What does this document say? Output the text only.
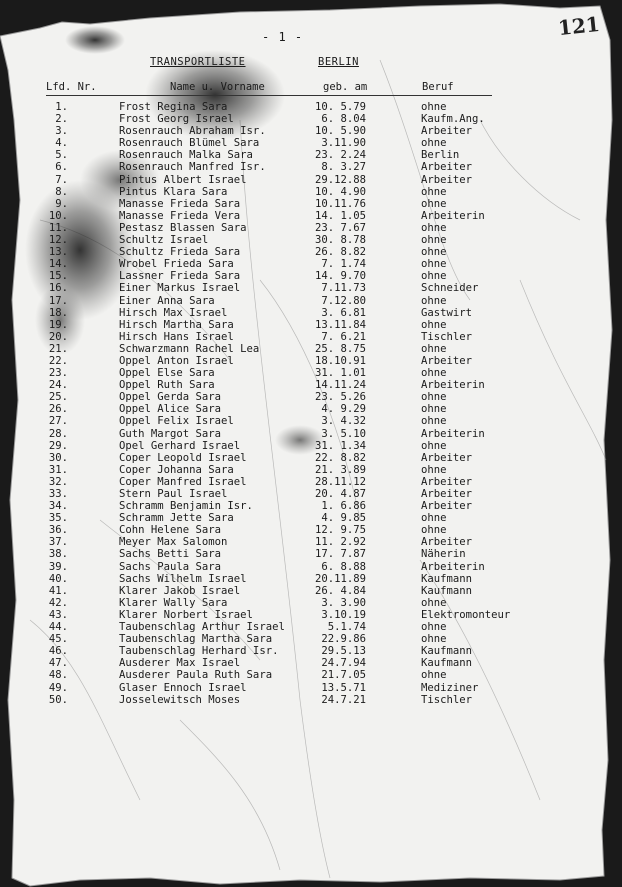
- 1 -	121
TRANSPORTLISTE	BERLIN
Lfd. Nr.	Name u. Vorname	geb. am	Beruf
1.	Frost Regina Sara	10. 5.79	ohne
2.	Frost Georg Israel	6. 8.04	Kaufm.Ang.
3.	Rosenrauch Abraham Isr.	10. 5.90	Arbeiter
4.	Rosenrauch Blümel Sara	3.11.90	ohne
5.	Rosenrauch Malka Sara	23. 2.24	Berlin
6.	Rosenrauch Manfred Isr.	8. 3.27	Arbeiter
7.	Pintus Albert Israel	29.12.88	Arbeiter
8.	Pintus Klara Sara	10. 4.90	ohne
9.	Manasse Frieda Sara	10.11.76	ohne
10.	Manasse Frieda Vera	14. 1.05	Arbeiterin
11.	Pestasz Blassen Sara	23. 7.67	ohne
12.	Schultz Israel	30. 8.78	ohne
13.	Schultz Frieda Sara	26. 8.82	ohne
14.	Wrobel Frieda Sara	7. 1.74	ohne
15.	Lassner Frieda Sara	14. 9.70	ohne
16.	Einer Markus Israel	7.11.73	Schneider
17.	Einer Anna Sara	7.12.80	ohne
18.	Hirsch Max Israel	3. 6.81	Gastwirt
19.	Hirsch Martha Sara	13.11.84	ohne
20.	Hirsch Hans Israel	7. 6.21	Tischler
21.	Schwarzmann Rachel Lea	25. 8.75	ohne
22.	Oppel Anton Israel	18.10.91	Arbeiter
23.	Oppel Else Sara	31. 1.01	ohne
24.	Oppel Ruth Sara	14.11.24	Arbeiterin
25.	Oppel Gerda Sara	23. 5.26	ohne
26.	Oppel Alice Sara	4. 9.29	ohne
27.	Oppel Felix Israel	3. 4.32	ohne
28.	Guth Margot Sara	3. 5.10	Arbeiterin
29.	Opel Gerhard Israel	31. 1.34	ohne
30.	Coper Leopold Israel	22. 8.82	Arbeiter
31.	Coper Johanna Sara	21. 3.89	ohne
32.	Coper Manfred Israel	28.11.12	Arbeiter
33.	Stern Paul Israel	20. 4.87	Arbeiter
34.	Schramm Benjamin Isr.	1. 6.86	Arbeiter
35.	Schramm Jette Sara	4. 9.85	ohne
36.	Cohn Helene Sara	12. 9.75	ohne
37.	Meyer Max Salomon	11. 2.92	Arbeiter
38.	Sachs Betti Sara	17. 7.87	Näherin
39.	Sachs Paula Sara	6. 8.88	Arbeiterin
40.	Sachs Wilhelm Israel	20.11.89	Kaufmann
41.	Klarer Jakob Israel	26. 4.84	Kaufmann
42.	Klarer Wally Sara	3. 3.90	ohne
43.	Klarer Norbert Israel	3.10.19	Elektromonteur
44.	Taubenschlag Arthur Israel	5.1.74	ohne
45.	Taubenschlag Martha Sara	22.9.86	ohne
46.	Taubenschlag Herhard Isr.	29.5.13	Kaufmann
47.	Ausderer Max Israel	24.7.94	Kaufmann
48.	Ausderer Paula Ruth Sara	21.7.05	ohne
49.	Glaser Ennoch Israel	13.5.71	Mediziner
50.	Josselewitsch Moses	24.7.21	Tischler
